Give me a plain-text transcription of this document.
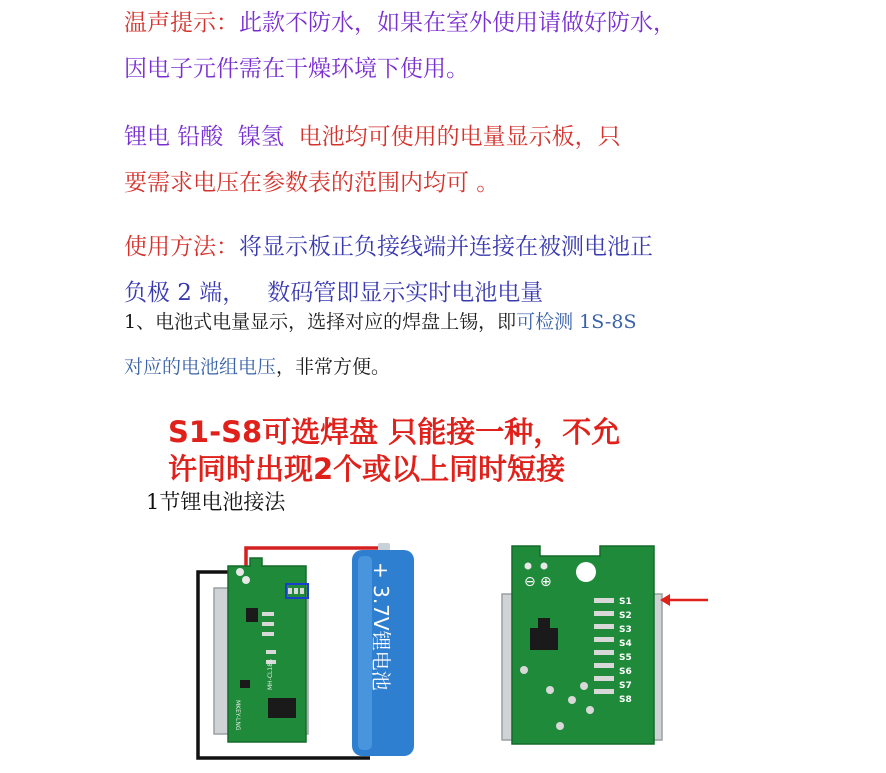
温声提示：此款不防水，如果在室外使用请做好防水，
因电子元件需在干燥环境下使用。
锂电 铅酸  镍氢  电池均可使用的电量显示板，只
要需求电压在参数表的范围内均可 。
使用方法：将显示板正负接线端并连接在被测电池正
负极 2 端，   数码管即显示实时电池电量
1、电池式电量显示，选择对应的焊盘上锡，即可检测 1S-8S
对应的电池组电压，非常方便。
S1-S8可选焊盘 只能接一种，不允
许同时出现2个或以上同时短接
1节锂电池接法
MH-CL18S
MKEY-LNG
+ 3.7V锂电池	⊖ ⊕
S1
S2
S3
S4
S5
S6
S7
S8
